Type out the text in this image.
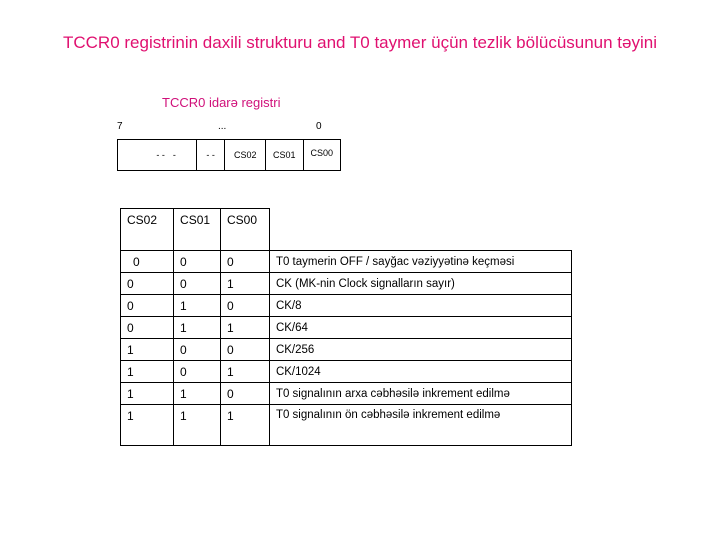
TCCR0 registrinin daxili strukturu and T0 taymer üçün tezlik bölücüsunun təyini
TCCR0 idarə registri
7	...	0
- -	-	- -	CS02	CS01	CS00
CS02	CS01	CS00	
0	0	0	T0 taymerin OFF / sayğac vəziyyətinə keçməsi
0	0	1	CK (MK-nin Clock signalların sayır)
0	1	0	CK/8
0	1	1	CK/64
1	0	0	CK/256
1	0	1	CK/1024
1	1	0	T0 signalının arxa cəbhəsilə inkrement edilmə
1	1	1	T0 signalının ön cəbhəsilə inkrement edilmə
